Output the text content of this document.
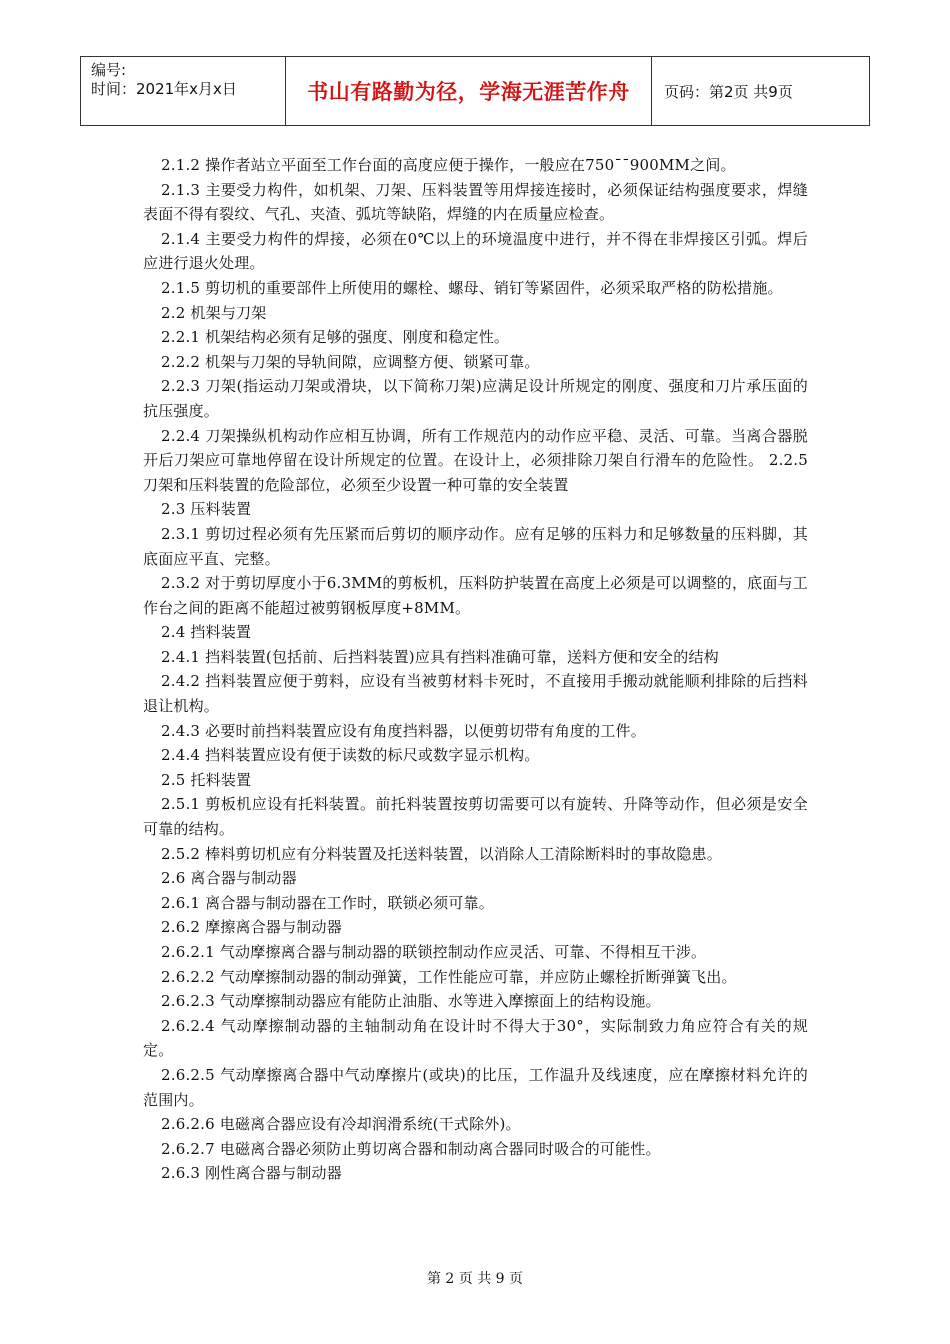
编号:
时间：2021年x月x日	书山有路勤为径，学海无涯苦作舟	页码：第2页 共9页

2.1.2 操作者站立平面至工作台面的高度应便于操作，一般应在750¯¯900MM之间。

2.1.3 主要受力构件，如机架、刀架、压料装置等用焊接连接时，必须保证结构强度要求，焊缝表面不得有裂纹、气孔、夹渣、弧坑等缺陷，焊缝的内在质量应检查。

2.1.4 主要受力构件的焊接，必须在0℃以上的环境温度中进行，并不得在非焊接区引弧。焊后应进行退火处理。

2.1.5 剪切机的重要部件上所使用的螺栓、螺母、销钉等紧固件，必须采取严格的防松措施。

2.2 机架与刀架

2.2.1 机架结构必须有足够的强度、刚度和稳定性。

2.2.2 机架与刀架的导轨间隙，应调整方便、锁紧可靠。

2.2.3 刀架(指运动刀架或滑块，以下简称刀架)应满足设计所规定的刚度、强度和刀片承压面的抗压强度。

2.2.4 刀架操纵机构动作应相互协调，所有工作规范内的动作应平稳、灵活、可靠。当离合器脱开后刀架应可靠地停留在设计所规定的位置。在设计上，必须排除刀架自行滑车的危险性。 2.2.5 刀架和压料装置的危险部位，必须至少设置一种可靠的安全装置

2.3 压料装置

2.3.1 剪切过程必须有先压紧而后剪切的顺序动作。应有足够的压料力和足够数量的压料脚，其底面应平直、完整。

2.3.2 对于剪切厚度小于6.3MM的剪板机，压料防护装置在高度上必须是可以调整的，底面与工作台之间的距离不能超过被剪钢板厚度+8MM。

2.4 挡料装置

2.4.1 挡料装置(包括前、后挡料装置)应具有挡料准确可靠，送料方便和安全的结构

2.4.2 挡料装置应便于剪料，应设有当被剪材料卡死时，不直接用手搬动就能顺利排除的后挡料退让机构。

2.4.3 必要时前挡料装置应设有角度挡料器，以便剪切带有角度的工件。

2.4.4 挡料装置应设有便于读数的标尺或数字显示机构。

2.5 托料装置

2.5.1 剪板机应设有托料装置。前托料装置按剪切需要可以有旋转、升降等动作，但必须是安全可靠的结构。

2.5.2 棒料剪切机应有分料装置及托送料装置，以消除人工清除断料时的事故隐患。

2.6 离合器与制动器

2.6.1 离合器与制动器在工作时，联锁必须可靠。

2.6.2 摩擦离合器与制动器

2.6.2.1 气动摩擦离合器与制动器的联锁控制动作应灵活、可靠、不得相互干涉。

2.6.2.2 气动摩擦制动器的制动弹簧，工作性能应可靠，并应防止螺栓折断弹簧飞出。

2.6.2.3 气动摩擦制动器应有能防止油脂、水等进入摩擦面上的结构设施。

2.6.2.4 气动摩擦制动器的主轴制动角在设计时不得大于30°，实际制致力角应符合有关的规定。

2.6.2.5 气动摩擦离合器中气动摩擦片(或块)的比压，工作温升及线速度，应在摩擦材料允许的范围内。

2.6.2.6 电磁离合器应设有冷却润滑系统(干式除外)。

2.6.2.7 电磁离合器必须防止剪切离合器和制动离合器同时吸合的可能性。

2.6.3 刚性离合器与制动器

第 2 页 共 9 页
